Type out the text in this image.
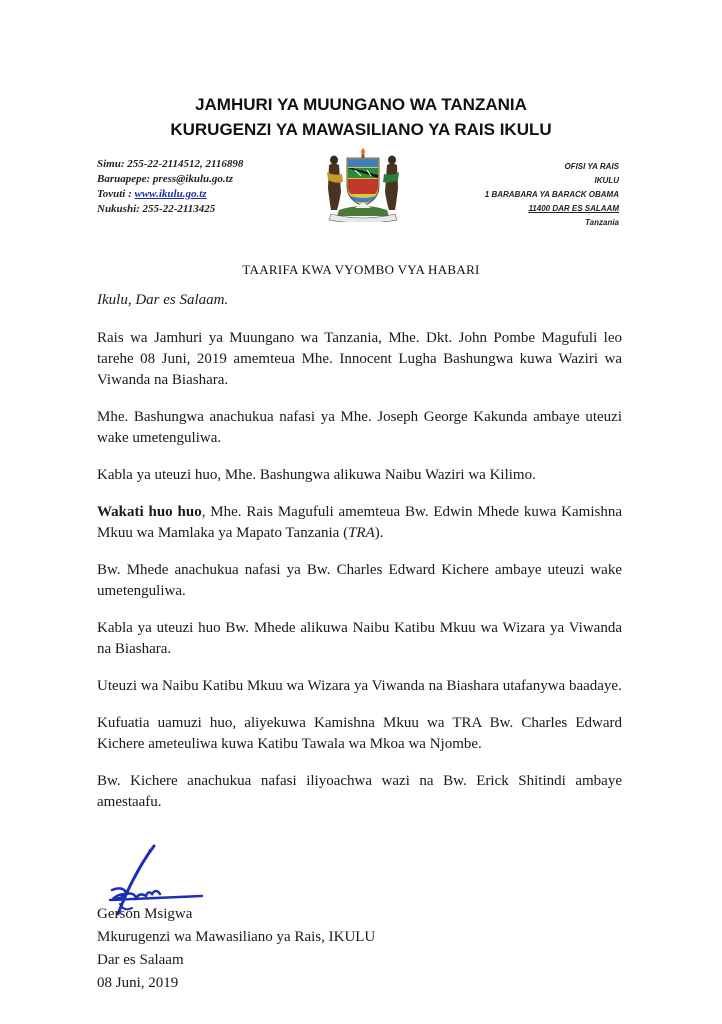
JAMHURI YA MUUNGANO WA TANZANIA
KURUGENZI YA MAWASILIANO YA RAIS IKULU
Simu: 255-22-2114512, 2116898
Baruapepe: press@ikulu.go.tz
Tovuti : www.ikulu.go.tz
Nukushi: 255-22-2113425
OFISI YA RAIS
IKULU
1 BARABARA YA BARACK OBAMA
11400 DAR ES SALAAM
Tanzania
TAARIFA KWA VYOMBO VYA HABARI
Ikulu, Dar es Salaam.

Rais wa Jamhuri ya Muungano wa Tanzania, Mhe. Dkt. John Pombe Magufuli leo tarehe 08 Juni, 2019 amemteua Mhe. Innocent Lugha Bashungwa kuwa Waziri wa Viwanda na Biashara.

Mhe. Bashungwa anachukua nafasi ya Mhe. Joseph George Kakunda ambaye uteuzi wake umetenguliwa.

Kabla ya uteuzi huo, Mhe. Bashungwa alikuwa Naibu Waziri wa Kilimo.

Wakati huo huo, Mhe. Rais Magufuli amemteua Bw. Edwin Mhede kuwa Kamishna Mkuu wa Mamlaka ya Mapato Tanzania (TRA).

Bw. Mhede anachukua nafasi ya Bw. Charles Edward Kichere ambaye uteuzi wake umetenguliwa.

Kabla ya uteuzi huo Bw. Mhede alikuwa Naibu Katibu Mkuu wa Wizara ya Viwanda na Biashara.

Uteuzi wa Naibu Katibu Mkuu wa Wizara ya Viwanda na Biashara utafanywa baadaye.

Kufuatia uamuzi huo, aliyekuwa Kamishna Mkuu wa TRA Bw. Charles Edward Kichere ameteuliwa kuwa Katibu Tawala wa Mkoa wa Njombe.

Bw. Kichere anachukua nafasi iliyoachwa wazi na Bw. Erick Shitindi ambaye amestaafu.

Gerson Msigwa
Mkurugenzi wa Mawasiliano ya Rais, IKULU
Dar es Salaam
08 Juni, 2019
